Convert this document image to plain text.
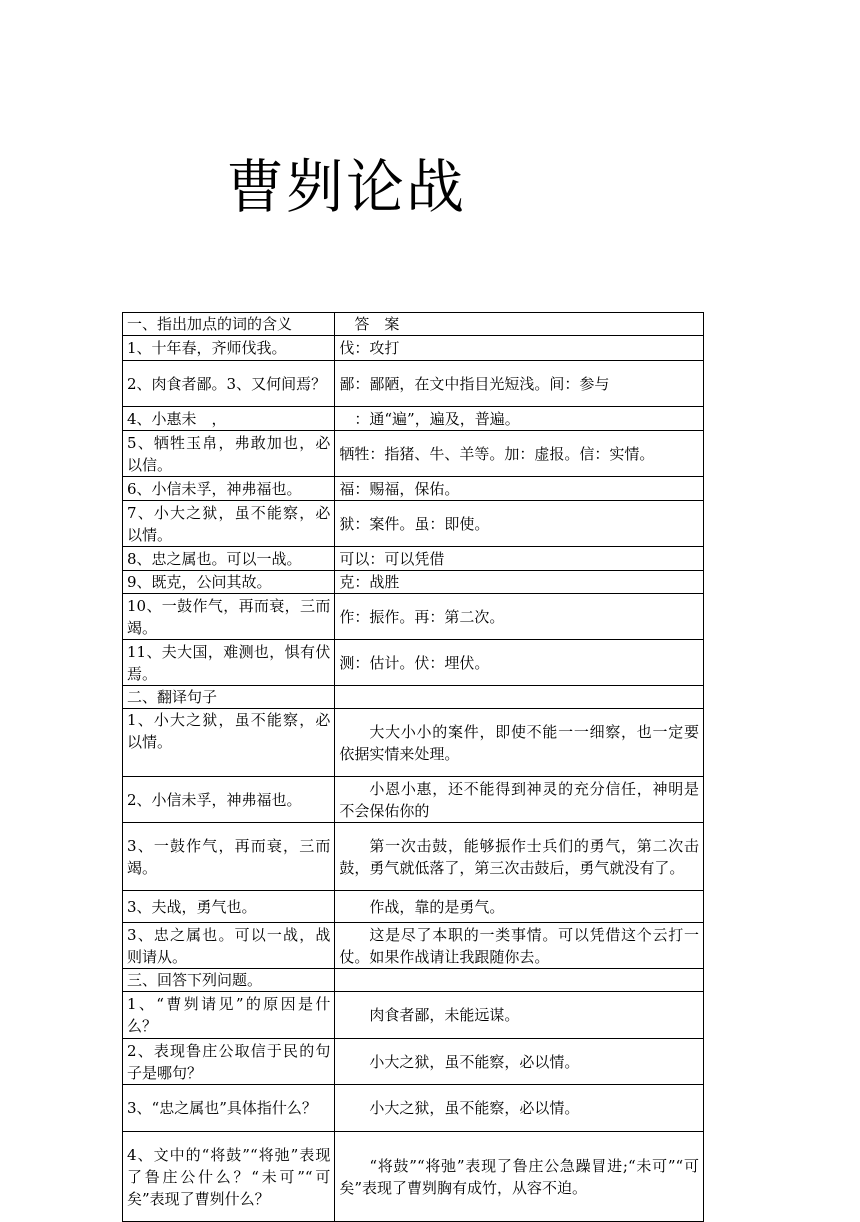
曹刿论战
一、指出加点的词的含义	答　案
1、十年春，齐师伐我。	伐：攻打
2、肉食者鄙。3、又何间焉？	鄙：鄙陋，在文中指目光短浅。间：参与
4、小惠未　，	　：通“遍”，遍及，普遍。
5、牺牲玉帛，弗敢加也，必以信。	牺牲：指猪、牛、羊等。加：虚报。信：实情。
6、小信未孚，神弗福也。	福：赐福，保佑。
7、小大之狱，虽不能察，必以情。	狱：案件。虽：即使。
8、忠之属也。可以一战。	可以：可以凭借
9、既克，公问其故。	克：战胜
10、一鼓作气，再而衰，三而竭。	作：振作。再：第二次。
11、夫大国，难测也，惧有伏焉。	测：估计。伏：埋伏。
二、翻译句子	
1、小大之狱，虽不能察，必以情。	大大小小的案件，即使不能一一细察，也一定要依据实情来处理。
2、小信未孚，神弗福也。	小恩小惠，还不能得到神灵的充分信任，神明是不会保佑你的
3、一鼓作气，再而衰，三而竭。	第一次击鼓，能够振作士兵们的勇气，第二次击鼓，勇气就低落了，第三次击鼓后，勇气就没有了。
3、夫战，勇气也。	作战，靠的是勇气。
3、忠之属也。可以一战，战则请从。	这是尽了本职的一类事情。可以凭借这个云打一仗。如果作战请让我跟随你去。
三、回答下列问题。	
1、“曹刿请见”的原因是什么？	肉食者鄙，未能远谋。
2、表现鲁庄公取信于民的句子是哪句？	小大之狱，虽不能察，必以情。
3、“忠之属也”具体指什么？	小大之狱，虽不能察，必以情。
4、文中的“将鼓”“将弛”表现了鲁庄公什么？“未可”“可矣”表现了曹刿什么？	“将鼓”“将弛”表现了鲁庄公急躁冒进;“未可”“可矣”表现了曹刿胸有成竹，从容不迫。
